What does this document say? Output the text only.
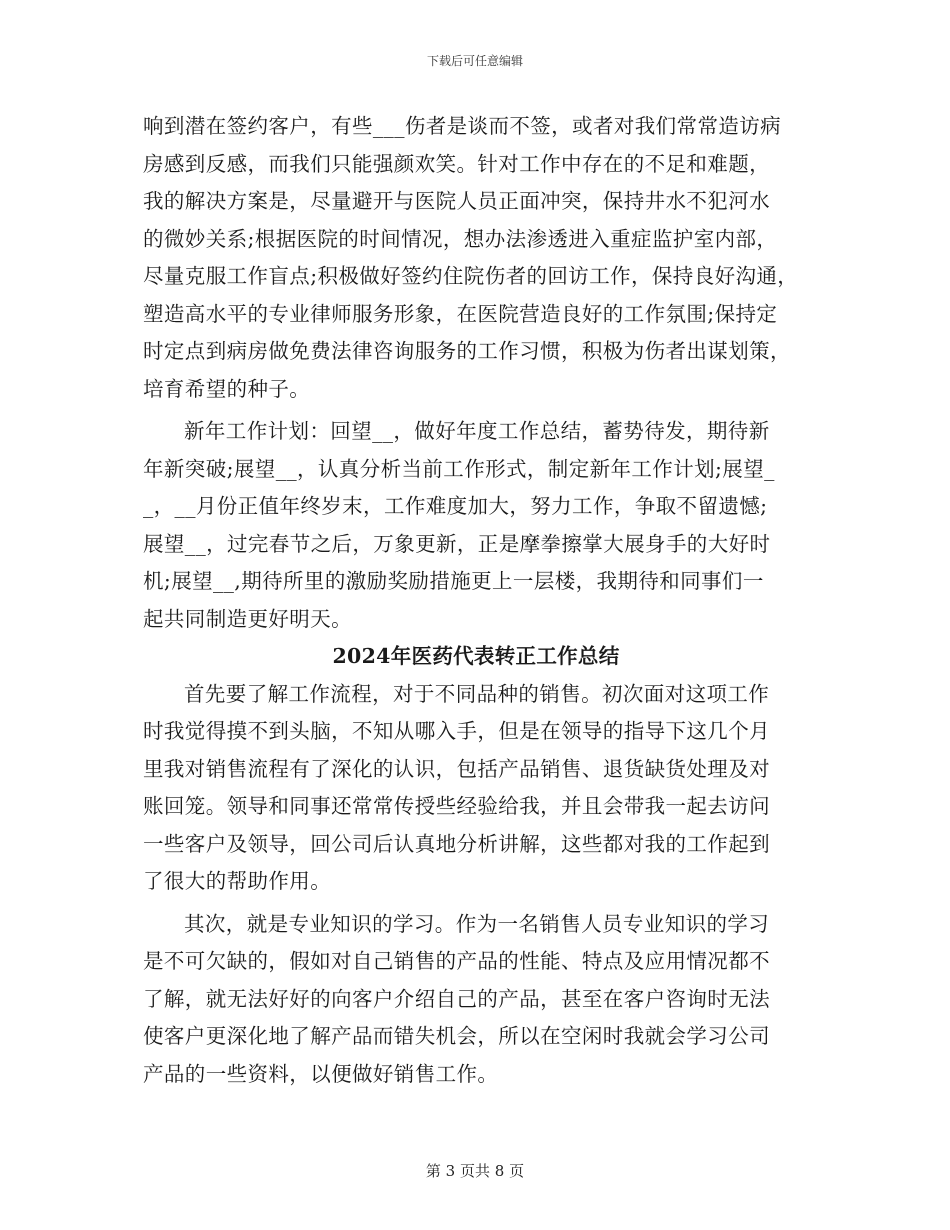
下载后可任意编辑
响到潜在签约客户，有些___伤者是谈而不签，或者对我们常常造访病
房感到反感，而我们只能强颜欢笑。针对工作中存在的不足和难题，
我的解决方案是，尽量避开与医院人员正面冲突，保持井水不犯河水
的微妙关系;根据医院的时间情况，想办法渗透进入重症监护室内部，
尽量克服工作盲点;积极做好签约住院伤者的回访工作，保持良好沟通，
塑造高水平的专业律师服务形象，在医院营造良好的工作氛围;保持定
时定点到病房做免费法律咨询服务的工作习惯，积极为伤者出谋划策，
培育希望的种子。
新年工作计划：回望__，做好年度工作总结，蓄势待发，期待新
年新突破;展望__，认真分析当前工作形式，制定新年工作计划;展望_
_，__月份正值年终岁末，工作难度加大，努力工作，争取不留遗憾;
展望__，过完春节之后，万象更新，正是摩拳擦掌大展身手的大好时
机;展望__,期待所里的激励奖励措施更上一层楼，我期待和同事们一
起共同制造更好明天。
2024年医药代表转正工作总结
首先要了解工作流程，对于不同品种的销售。初次面对这项工作
时我觉得摸不到头脑，不知从哪入手，但是在领导的指导下这几个月
里我对销售流程有了深化的认识，包括产品销售、退货缺货处理及对
账回笼。领导和同事还常常传授些经验给我，并且会带我一起去访问
一些客户及领导，回公司后认真地分析讲解，这些都对我的工作起到
了很大的帮助作用。
其次，就是专业知识的学习。作为一名销售人员专业知识的学习
是不可欠缺的，假如对自己销售的产品的性能、特点及应用情况都不
了解，就无法好好的向客户介绍自己的产品，甚至在客户咨询时无法
使客户更深化地了解产品而错失机会，所以在空闲时我就会学习公司
产品的一些资料，以便做好销售工作。
第 3 页共 8 页
